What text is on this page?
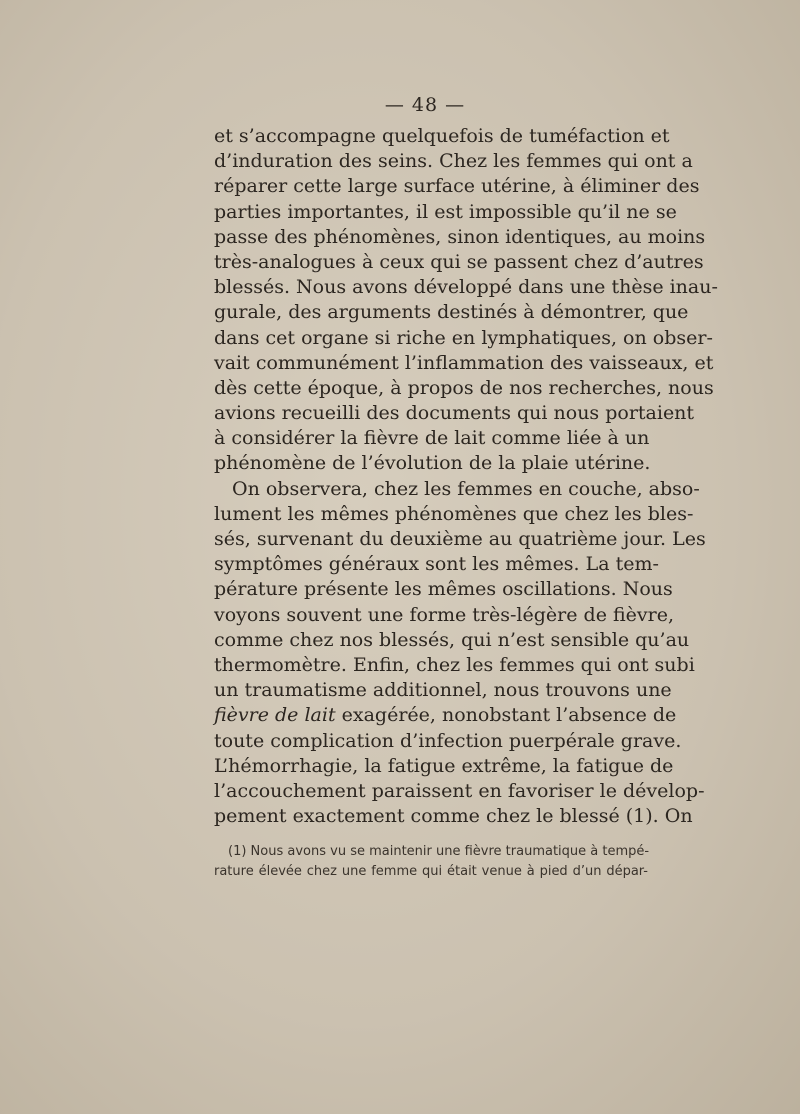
— 48 —
et s’accompagne quelquefois de tuméfaction et
d’induration des seins. Chez les femmes qui ont a
réparer cette large surface utérine, à éliminer des
parties importantes, il est impossible qu’il ne se
passe des phénomènes, sinon identiques, au moins
très-analogues à ceux qui se passent chez d’autres
blessés. Nous avons développé dans une thèse inau-
gurale, des arguments destinés à démontrer, que
dans cet organe si riche en lymphatiques, on obser-
vait communément l’inflammation des vaisseaux, et
dès cette époque, à propos de nos recherches, nous
avions recueilli des documents qui nous portaient
à considérer la fièvre de lait comme liée à un
phénomène de l’évolution de la plaie utérine.
On observera, chez les femmes en couche, abso-
lument les mêmes phénomènes que chez les bles-
sés, survenant du deuxième au quatrième jour. Les
symptômes généraux sont les mêmes. La tem-
pérature présente les mêmes oscillations. Nous
voyons souvent une forme très-légère de fièvre,
comme chez nos blessés, qui n’est sensible qu’au
thermomètre. Enfin, chez les femmes qui ont subi
un traumatisme additionnel, nous trouvons une
fièvre de lait exagérée, nonobstant l’absence de
toute complication d’infection puerpérale grave.
L’hémorrhagie, la fatigue extrême, la fatigue de
l’accouchement paraissent en favoriser le dévelop-
pement exactement comme chez le blessé (1). On
(1) Nous avons vu se maintenir une fièvre traumatique à tempé-
rature élevée chez une femme qui était venue à pied d’un dépar-
